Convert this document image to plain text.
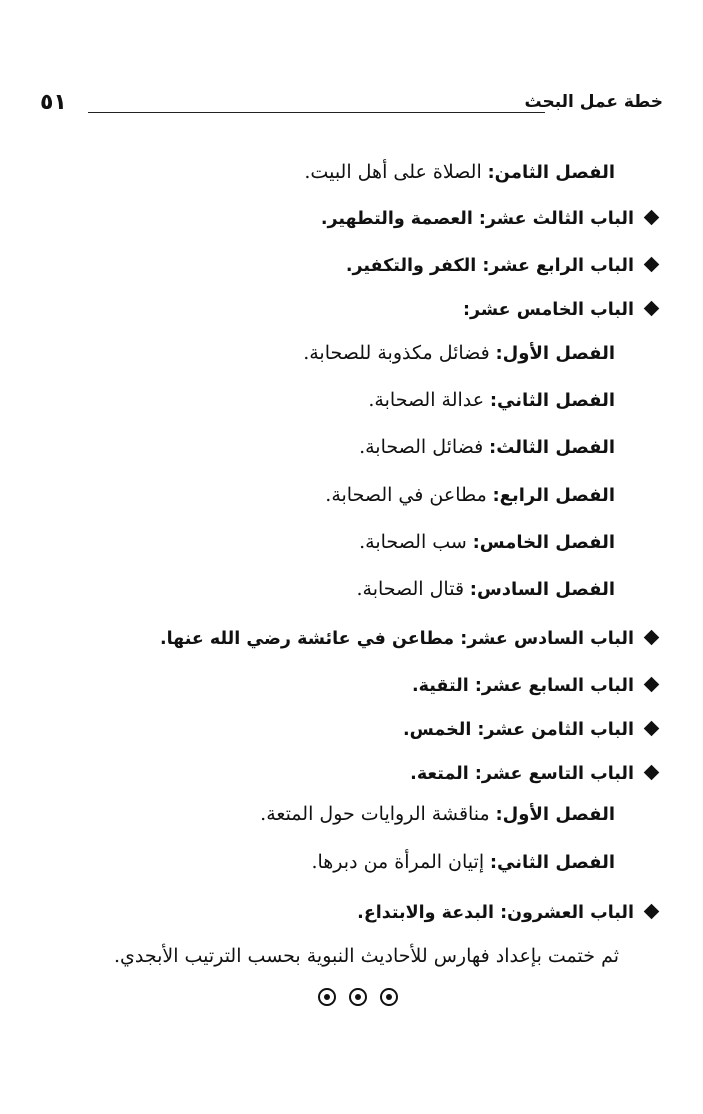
خطة عمل البحث
٥١
الفصل الثامن: الصلاة على أهل البيت.
الباب الثالث عشر: العصمة والتطهير.
الباب الرابع عشر: الكفر والتكفير.
الباب الخامس عشر:
الفصل الأول: فضائل مكذوبة للصحابة.
الفصل الثاني: عدالة الصحابة.
الفصل الثالث: فضائل الصحابة.
الفصل الرابع: مطاعن في الصحابة.
الفصل الخامس: سب الصحابة.
الفصل السادس: قتال الصحابة.
الباب السادس عشر: مطاعن في عائشة رضي الله عنها.
الباب السابع عشر: التقية.
الباب الثامن عشر: الخمس.
الباب التاسع عشر: المتعة.
الفصل الأول: مناقشة الروايات حول المتعة.
الفصل الثاني: إتيان المرأة من دبرها.
الباب العشرون: البدعة والابتداع.
ثم ختمت بإعداد فهارس للأحاديث النبوية بحسب الترتيب الأبجدي.
